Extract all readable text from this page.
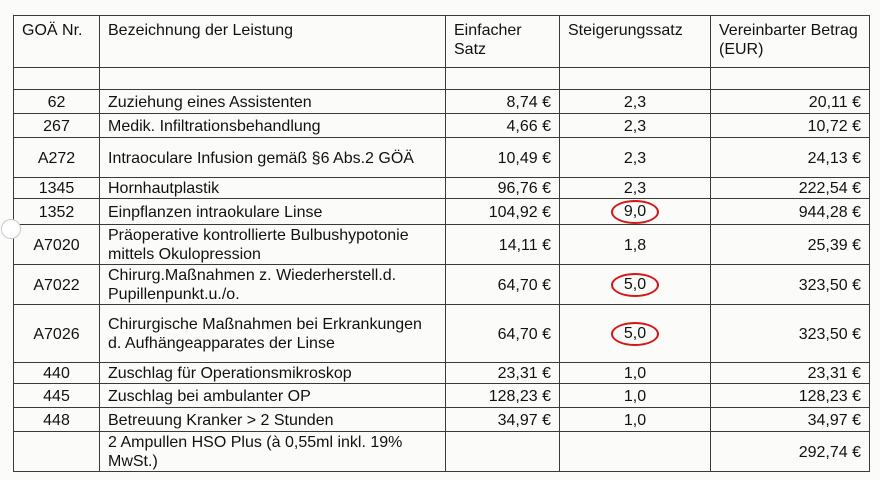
GOÄ Nr.	Bezeichnung der Leistung	Einfacher Satz	Steigerungssatz	Vereinbarter Betrag (EUR)

62	Zuziehung eines Assistenten	8,74 €	2,3	20,11 €
267	Medik. Infiltrationsbehandlung	4,66 €	2,3	10,72 €
A272	Intraoculare Infusion gemäß §6 Abs.2 GÖÄ	10,49 €	2,3	24,13 €
1345	Hornhautplastik	96,76 €	2,3	222,54 €
1352	Einpflanzen intraokulare Linse	104,92 €	9,0	944,28 €
A7020	Präoperative kontrollierte Bulbushypotonie mittels Okulopression	14,11 €	1,8	25,39 €
A7022	Chirurg.Maßnahmen z. Wiederherstell.d. Pupillenpunkt.u./o.	64,70 €	5,0	323,50 €
A7026	Chirurgische Maßnahmen bei Erkrankungen d. Aufhängeapparates der Linse	64,70 €	5,0	323,50 €
440	Zuschlag für Operationsmikroskop	23,31 €	1,0	23,31 €
445	Zuschlag bei ambulanter OP	128,23 €	1,0	128,23 €
448	Betreuung Kranker > 2 Stunden	34,97 €	1,0	34,97 €
	2 Ampullen HSO Plus (à 0,55ml inkl. 19% MwSt.)			292,74 €
